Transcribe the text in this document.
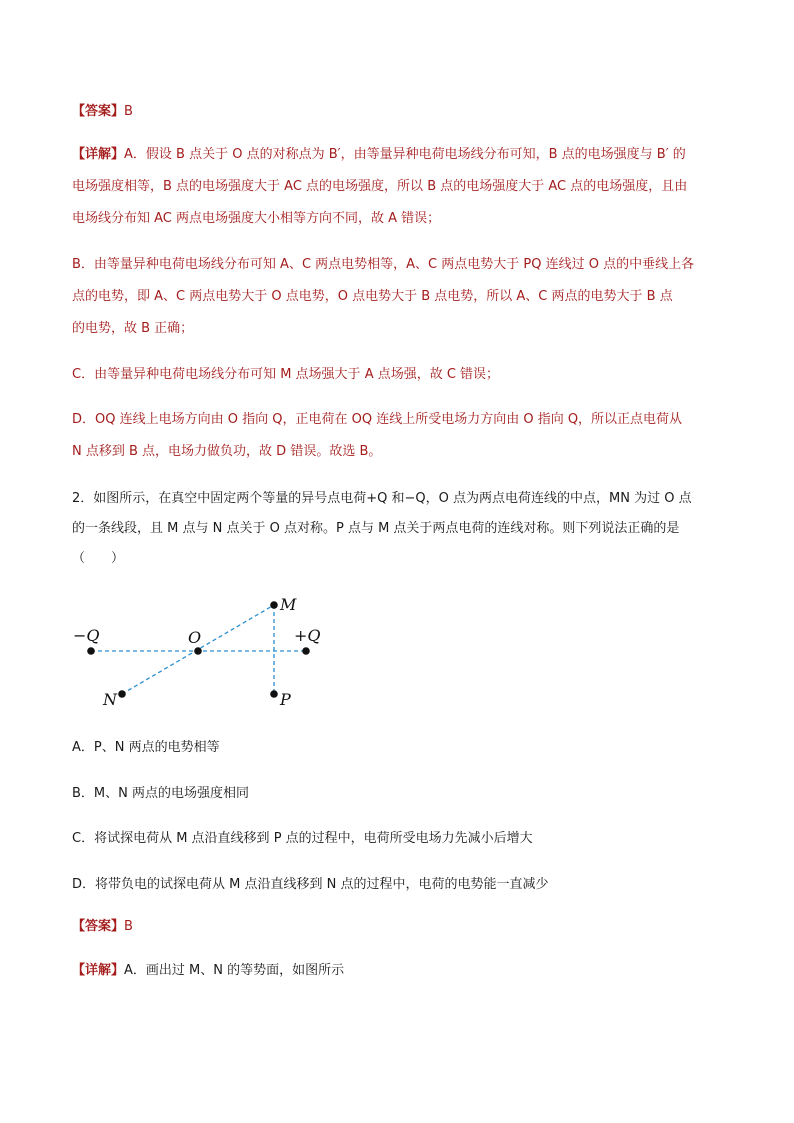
【答案】B
【详解】A．假设 B 点关于 O 点的对称点为 B′，由等量异种电荷电场线分布可知，B 点的电场强度与 B′ 的
电场强度相等，B 点的电场强度大于 AC 点的电场强度，所以 B 点的电场强度大于 AC 点的电场强度，且由
电场线分布知 AC 两点电场强度大小相等方向不同，故 A 错误；
B．由等量异种电荷电场线分布可知 A、C 两点电势相等，A、C 两点电势大于 PQ 连线过 O 点的中垂线上各
点的电势，即 A、C 两点电势大于 O 点电势，O 点电势大于 B 点电势，所以 A、C 两点的电势大于 B 点
的电势，故 B 正确；
C．由等量异种电荷电场线分布可知 M 点场强大于 A 点场强，故 C 错误；
D．OQ 连线上电场方向由 O 指向 Q，正电荷在 OQ 连线上所受电场力方向由 O 指向 Q，所以正点电荷从
N 点移到 B 点，电场力做负功，故 D 错误。故选 B。
2．如图所示，在真空中固定两个等量的异号点电荷+Q 和−Q，O 点为两点电荷连线的中点，MN 为过 O 点
的一条线段，且 M 点与 N 点关于 O 点对称。P 点与 M 点关于两点电荷的连线对称。则下列说法正确的是
（　　）
−Q	O	+Q
M
N	P
A．P、N 两点的电势相等
B．M、N 两点的电场强度相同
C．将试探电荷从 M 点沿直线移到 P 点的过程中，电荷所受电场力先减小后增大
D．将带负电的试探电荷从 M 点沿直线移到 N 点的过程中，电荷的电势能一直减少
【答案】B
【详解】A．画出过 M、N 的等势面，如图所示
